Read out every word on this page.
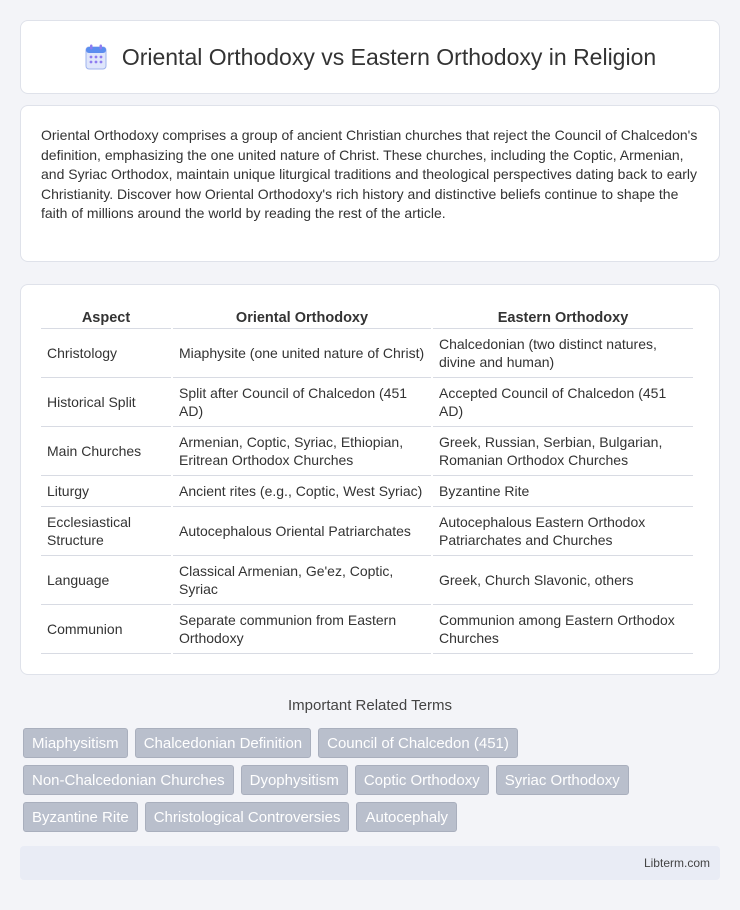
Oriental Orthodoxy vs Eastern Orthodoxy in Religion

Oriental Orthodoxy comprises a group of ancient Christian churches that reject the Council of Chalcedon's definition, emphasizing the one united nature of Christ. These churches, including the Coptic, Armenian, and Syriac Orthodox, maintain unique liturgical traditions and theological perspectives dating back to early Christianity. Discover how Oriental Orthodoxy's rich history and distinctive beliefs continue to shape the faith of millions around the world by reading the rest of the article.

Aspect	Oriental Orthodoxy	Eastern Orthodoxy
Christology	Miaphysite (one united nature of Christ)	Chalcedonian (two distinct natures, divine and human)
Historical Split	Split after Council of Chalcedon (451 AD)	Accepted Council of Chalcedon (451 AD)
Main Churches	Armenian, Coptic, Syriac, Ethiopian, Eritrean Orthodox Churches	Greek, Russian, Serbian, Bulgarian, Romanian Orthodox Churches
Liturgy	Ancient rites (e.g., Coptic, West Syriac)	Byzantine Rite
Ecclesiastical Structure	Autocephalous Oriental Patriarchates	Autocephalous Eastern Orthodox Patriarchates and Churches
Language	Classical Armenian, Ge'ez, Coptic, Syriac	Greek, Church Slavonic, others
Communion	Separate communion from Eastern Orthodoxy	Communion among Eastern Orthodox Churches
Important Related Terms
Miaphysitism	Chalcedonian Definition	Council of Chalcedon (451)
Non-Chalcedonian Churches	Dyophysitism	Coptic Orthodoxy	Syriac Orthodoxy
Byzantine Rite	Christological Controversies	Autocephaly
Libterm.com
